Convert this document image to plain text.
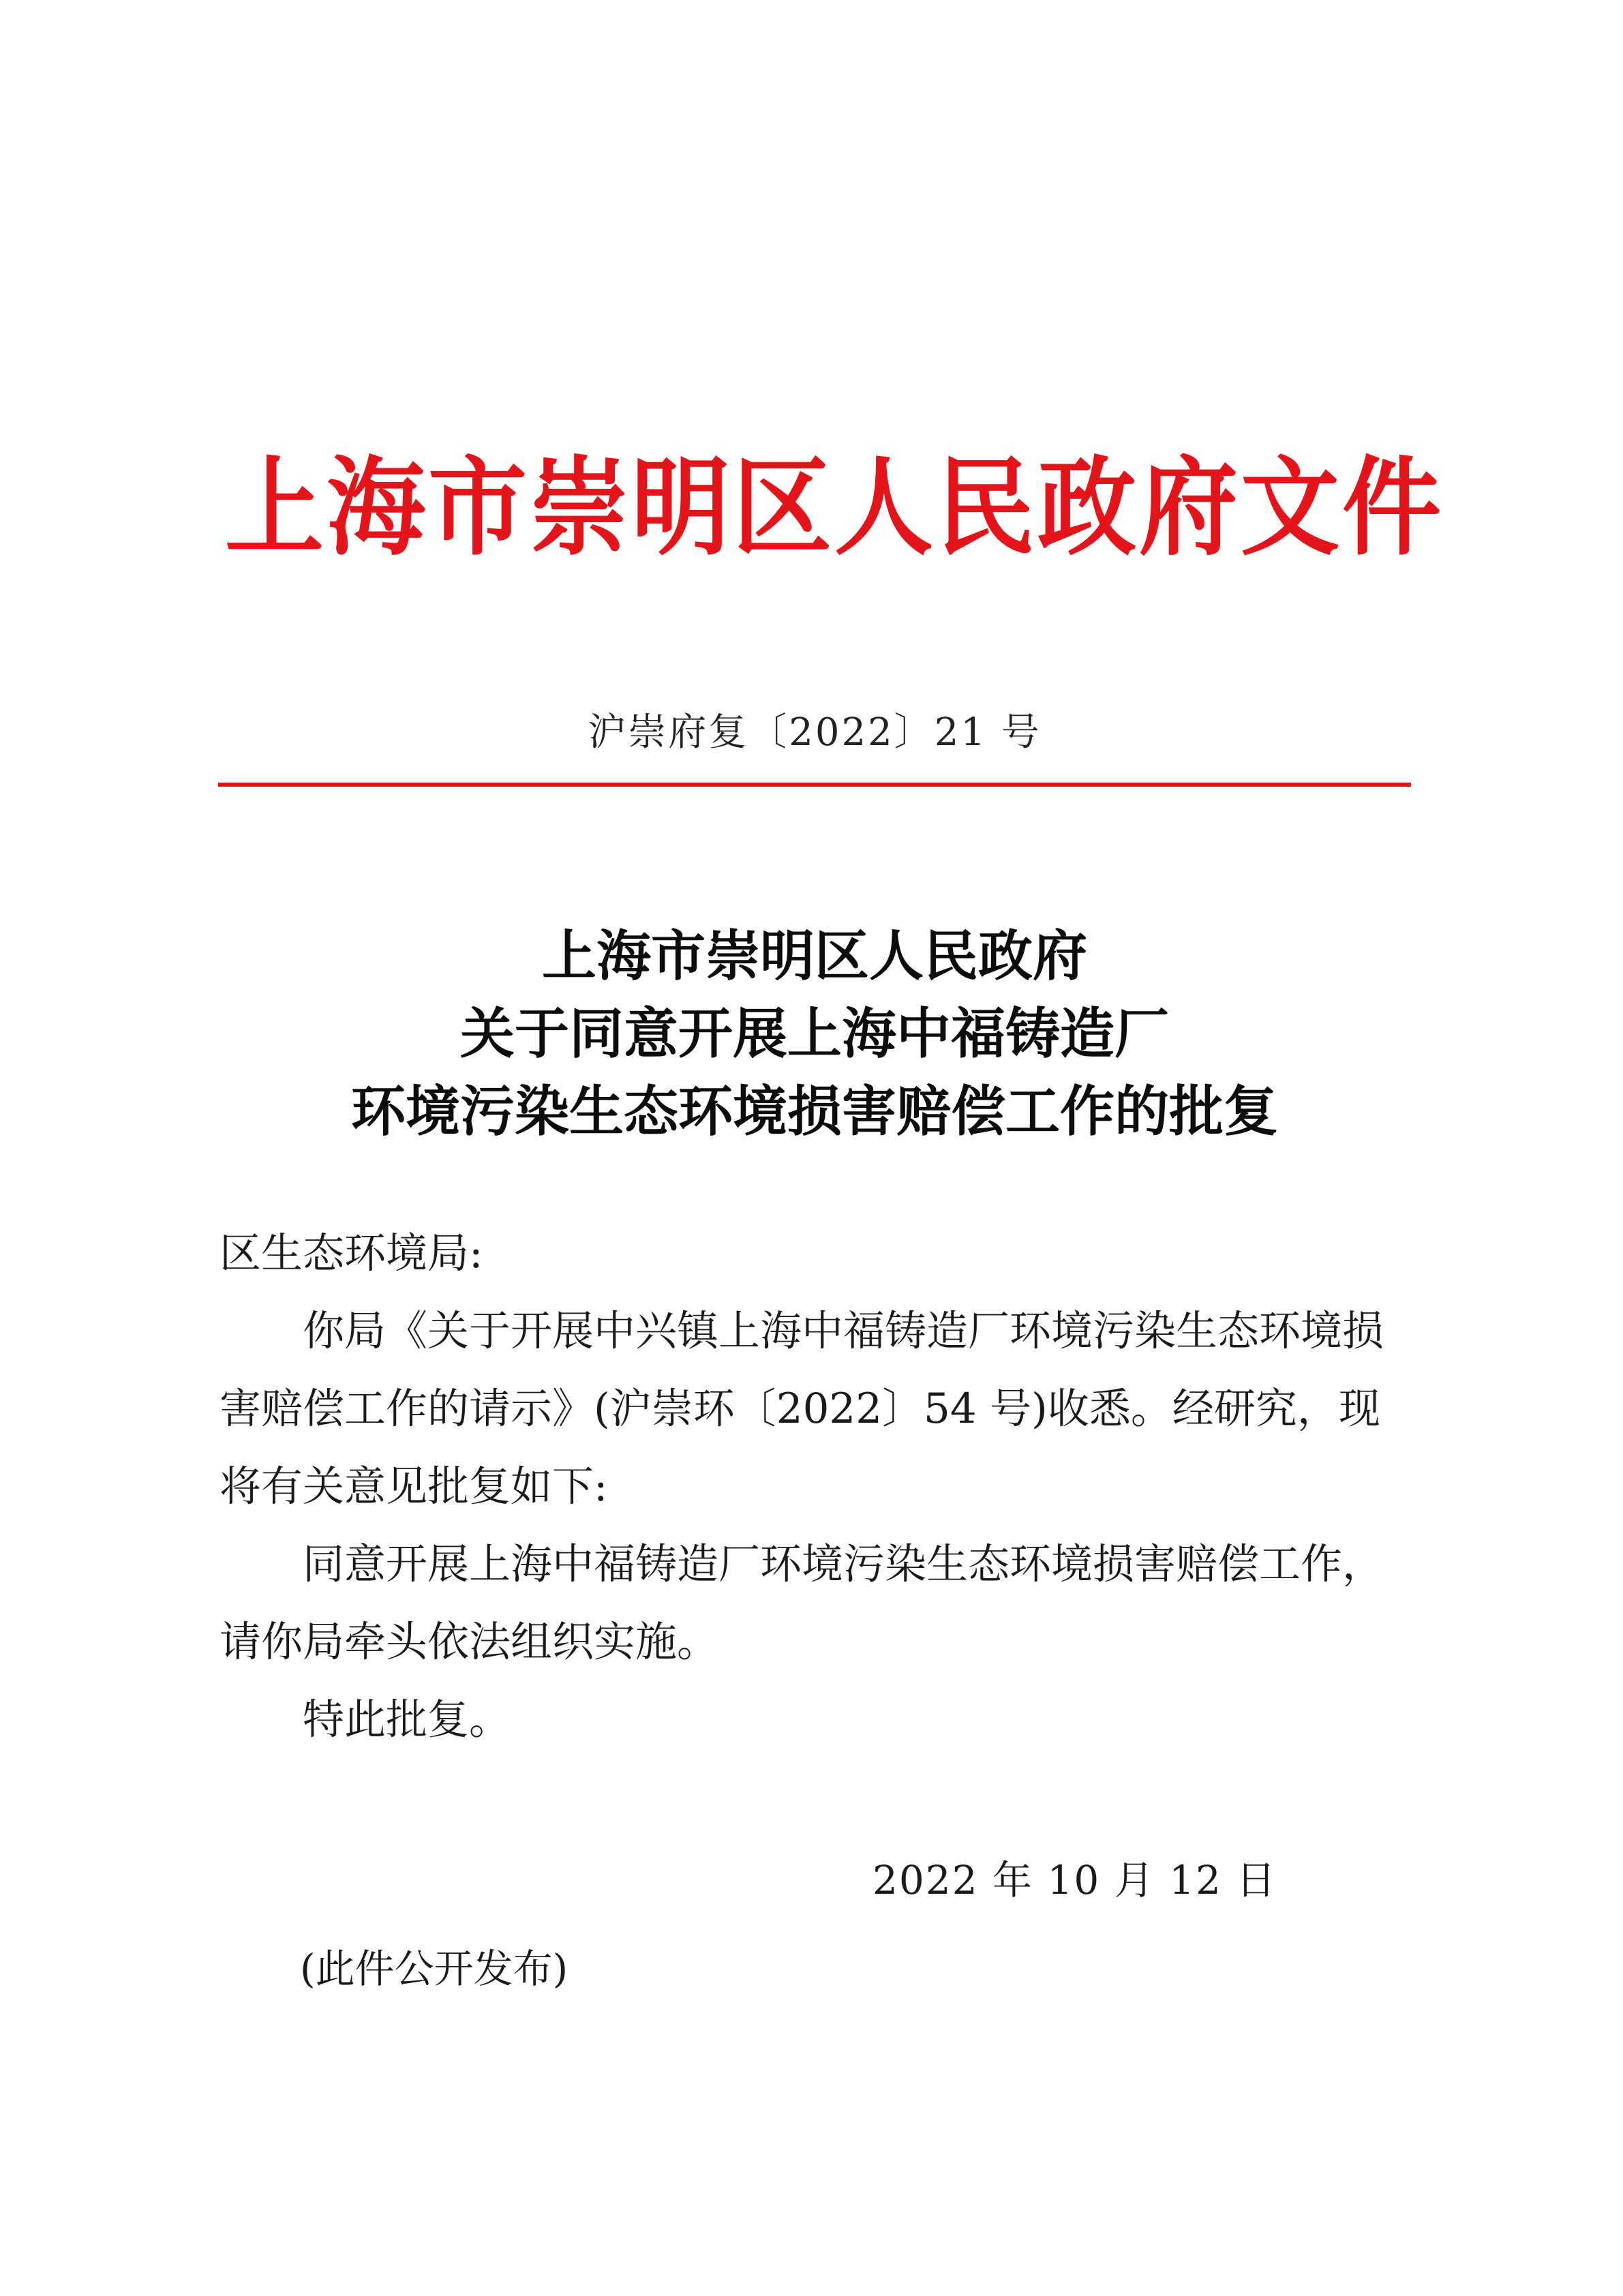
上海市崇明区人民政府文件
沪崇府复〔2022〕21 号
上海市崇明区人民政府
关于同意开展上海中福铸造厂
环境污染生态环境损害赔偿工作的批复

区生态环境局:

你局《关于开展中兴镇上海中福铸造厂环境污染生态环境损害赔偿工作的请示》(沪崇环〔2022〕54 号)收悉。经研究，现将有关意见批复如下:

同意开展上海中福铸造厂环境污染生态环境损害赔偿工作，请你局牵头依法组织实施。

特此批复。

2022 年 10 月 12 日
(此件公开发布)
